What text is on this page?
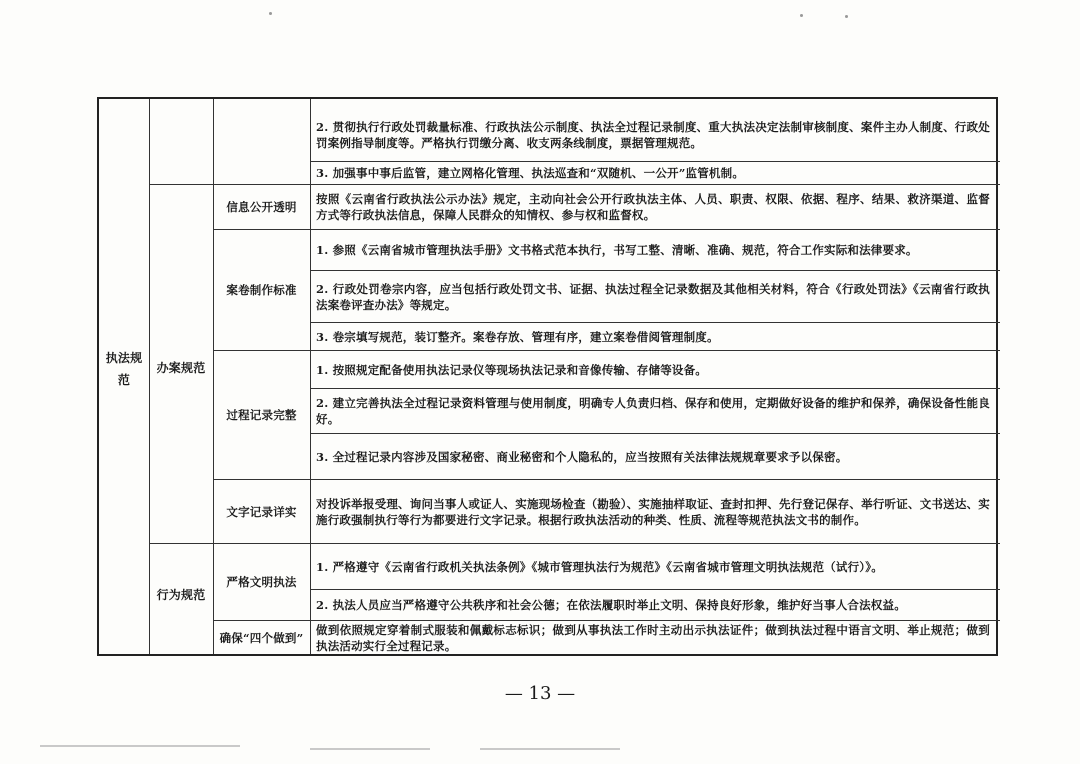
执法规范
办案规范
行为规范
信息公开透明
案卷制作标准
过程记录完整
文字记录详实
严格文明执法
确保“四个做到”
2. 贯彻执行行政处罚裁量标准、行政执法公示制度、执法全过程记录制度、重大执法决定法制审核制度、案件主办人制度、行政处罚案例指导制度等。严格执行罚缴分离、收支两条线制度，票据管理规范。
3. 加强事中事后监管，建立网格化管理、执法巡查和“双随机、一公开”监管机制。
按照《云南省行政执法公示办法》规定，主动向社会公开行政执法主体、人员、职责、权限、依据、程序、结果、救济渠道、监督方式等行政执法信息，保障人民群众的知情权、参与权和监督权。
1. 参照《云南省城市管理执法手册》文书格式范本执行，书写工整、清晰、准确、规范，符合工作实际和法律要求。
2. 行政处罚卷宗内容，应当包括行政处罚文书、证据、执法过程全记录数据及其他相关材料，符合《行政处罚法》《云南省行政执法案卷评查办法》等规定。
3. 卷宗填写规范，装订整齐。案卷存放、管理有序，建立案卷借阅管理制度。
1. 按照规定配备使用执法记录仪等现场执法记录和音像传输、存储等设备。
2. 建立完善执法全过程记录资料管理与使用制度，明确专人负责归档、保存和使用，定期做好设备的维护和保养，确保设备性能良好。
3. 全过程记录内容涉及国家秘密、商业秘密和个人隐私的，应当按照有关法律法规规章要求予以保密。
对投诉举报受理、询问当事人或证人、实施现场检查（勘验）、实施抽样取证、查封扣押、先行登记保存、举行听证、文书送达、实施行政强制执行等行为都要进行文字记录。根据行政执法活动的种类、性质、流程等规范执法文书的制作。
1. 严格遵守《云南省行政机关执法条例》《城市管理执法行为规范》《云南省城市管理文明执法规范（试行）》。
2. 执法人员应当严格遵守公共秩序和社会公德；在依法履职时举止文明、保持良好形象，维护好当事人合法权益。
做到依照规定穿着制式服装和佩戴标志标识；做到从事执法工作时主动出示执法证件；做到执法过程中语言文明、举止规范；做到执法活动实行全过程记录。
— 13 —
